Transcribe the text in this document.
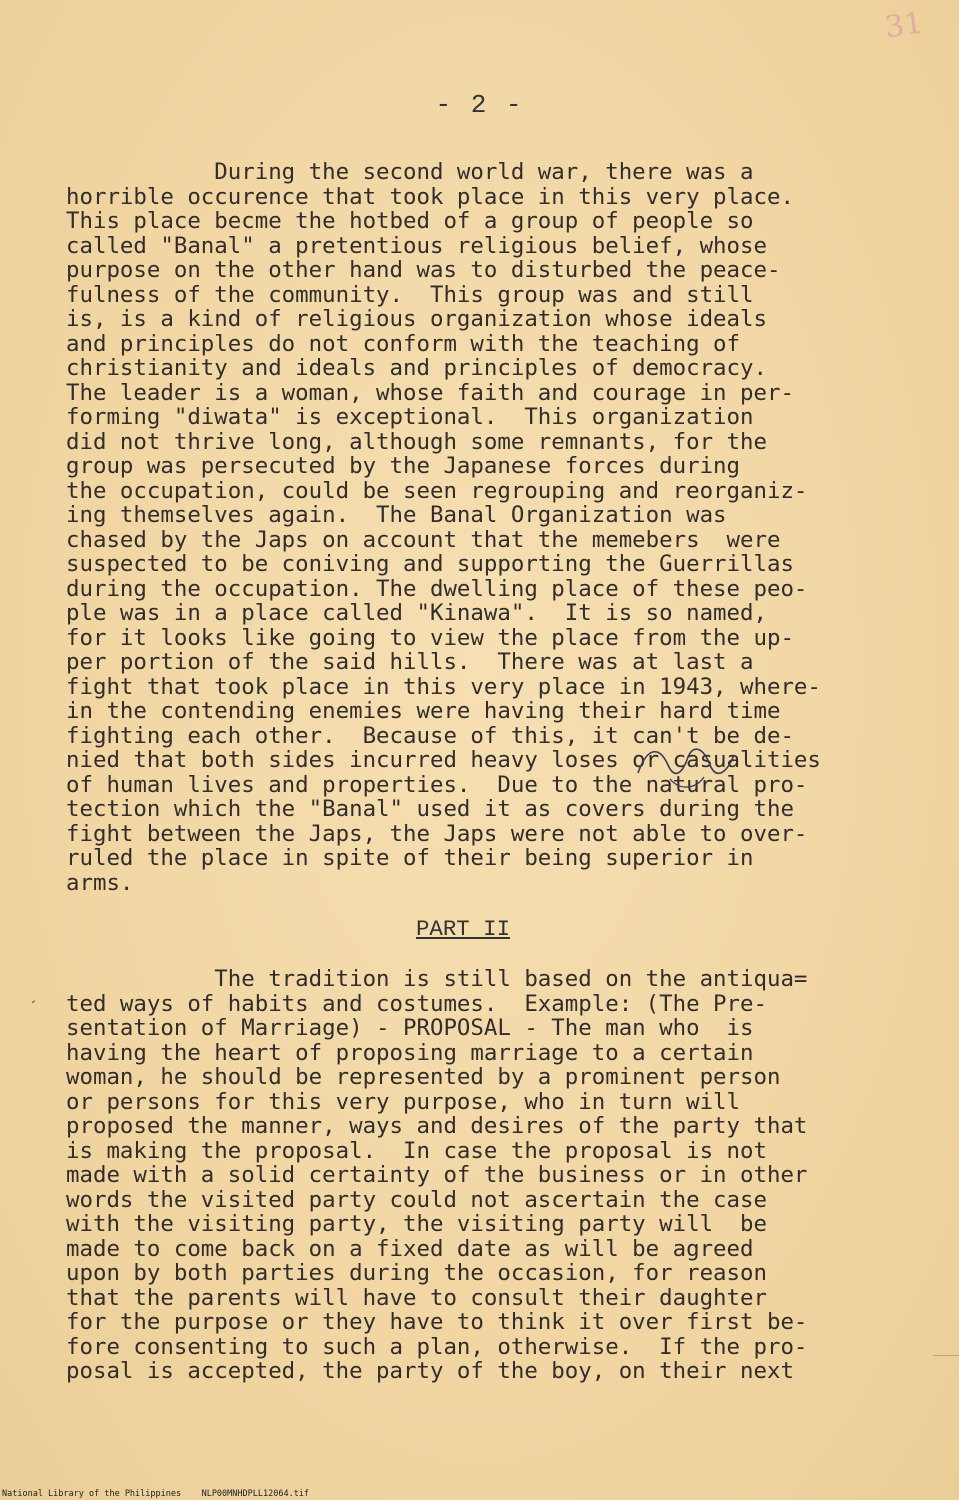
31
- 2 -
During the second world war, there was a
horrible occurence that took place in this very place.
This place becme the hotbed of a group of people so
called "Banal" a pretentious religious belief, whose
purpose on the other hand was to disturbed the peace-
fulness of the community.  This group was and still
is, is a kind of religious organization whose ideals
and principles do not conform with the teaching of
christianity and ideals and principles of democracy.
The leader is a woman, whose faith and courage in per-
forming "diwata" is exceptional.  This organization
did not thrive long, although some remnants, for the
group was persecuted by the Japanese forces during
the occupation, could be seen regrouping and reorganiz-
ing themselves again.  The Banal Organization was
chased by the Japs on account that the memebers  were
suspected to be coniving and supporting the Guerrillas
during the occupation. The dwelling place of these peo-
ple was in a place called "Kinawa".  It is so named,
for it looks like going to view the place from the up-
per portion of the said hills.  There was at last a
fight that took place in this very place in 1943, where-
in the contending enemies were having their hard time
fighting each other.  Because of this, it can't be de-
nied that both sides incurred heavy loses or casualities
of human lives and properties.  Due to the natural pro-
tection which the "Banal" used it as covers during the
fight between the Japs, the Japs were not able to over-
ruled the place in spite of their being superior in
arms.
PART II
´
The tradition is still based on the antiqua=
ted ways of habits and costumes.  Example: (The Pre-
sentation of Marriage) - PROPOSAL - The man who  is
having the heart of proposing marriage to a certain
woman, he should be represented by a prominent person
or persons for this very purpose, who in turn will
proposed the manner, ways and desires of the party that
is making the proposal.  In case the proposal is not
made with a solid certainty of the business or in other
words the visited party could not ascertain the case
with the visiting party, the visiting party will  be
made to come back on a fixed date as will be agreed
upon by both parties during the occasion, for reason
that the parents will have to consult their daughter
for the purpose or they have to think it over first be-
fore consenting to such a plan, otherwise.  If the pro-
posal is accepted, the party of the boy, on their next
National Library of the Philippines    NLP00MNHDPLL12064.tif
